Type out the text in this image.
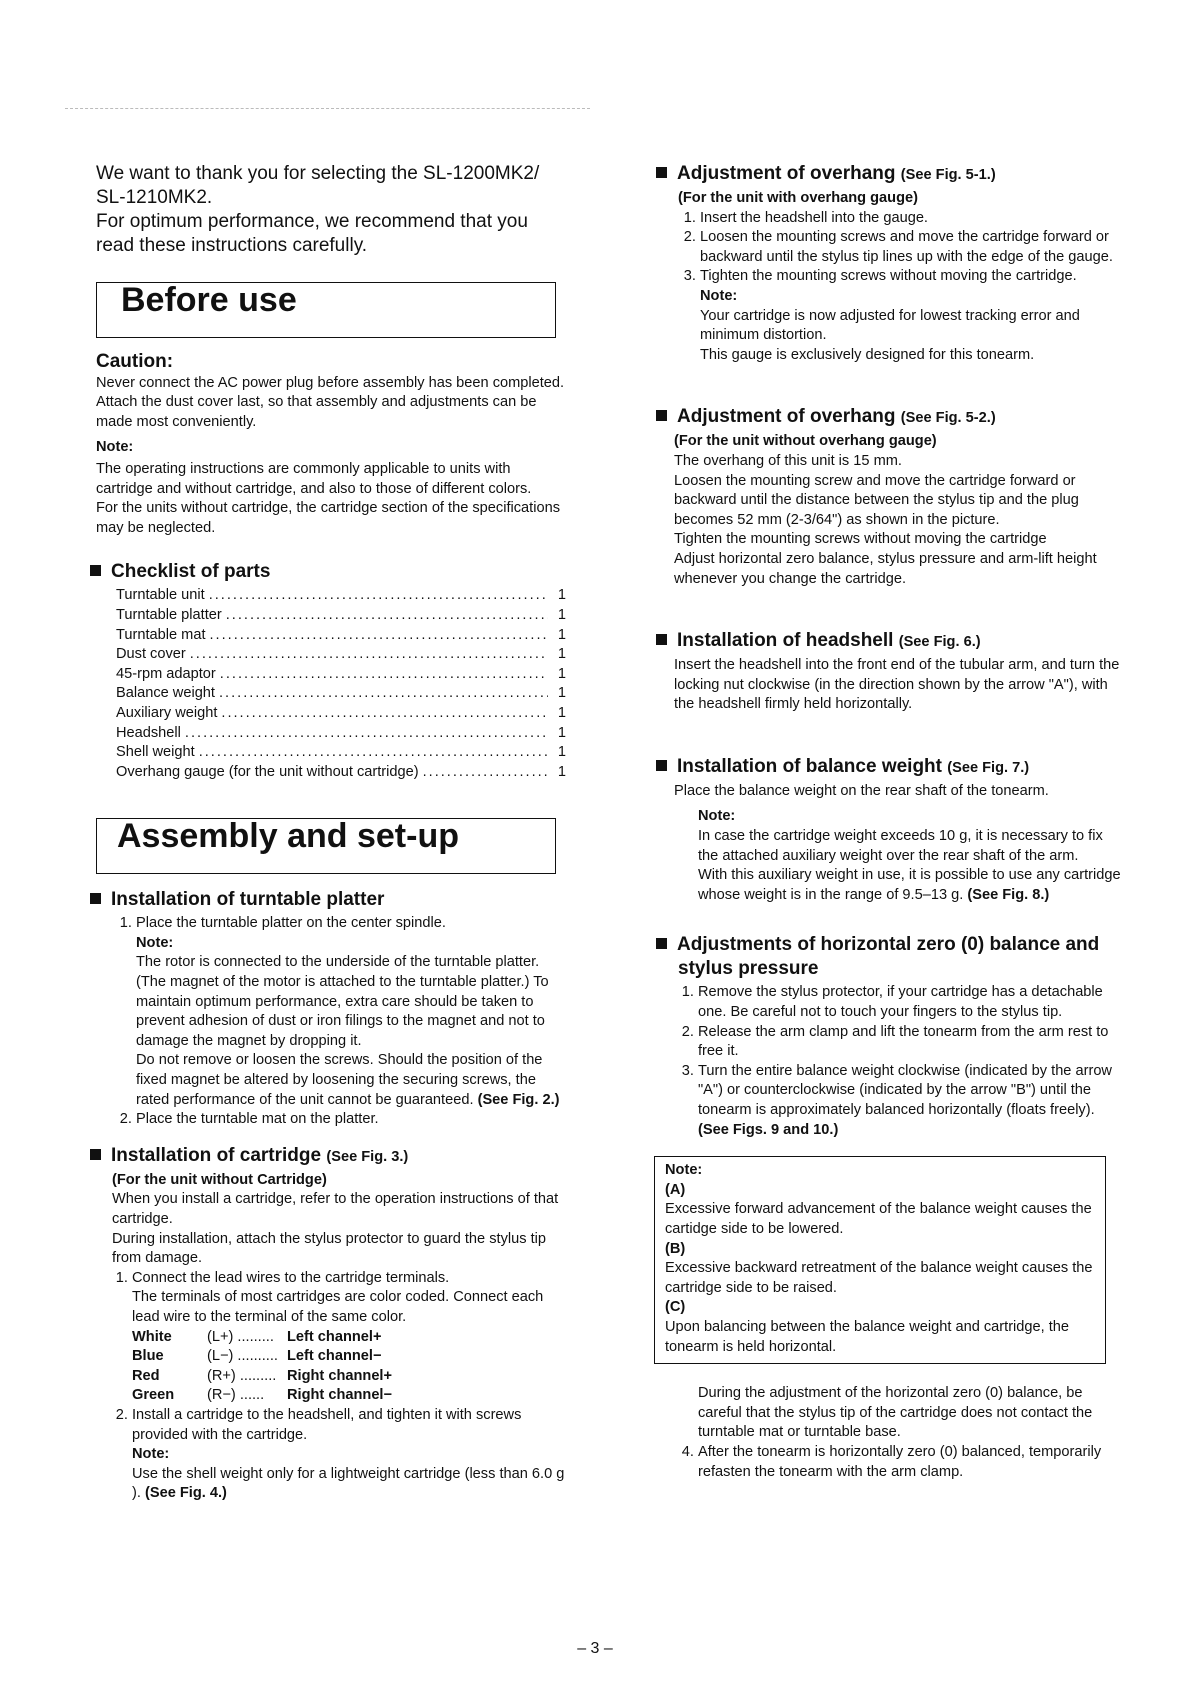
We want to thank you for selecting the SL-1200MK2/

SL-1210MK2.

For optimum performance, we recommend that you

read these instructions carefully.

Before use
Caution:

Never connect the AC power plug before assembly has been completed.

Attach the dust cover last, so that assembly and adjustments can be made most conveniently.

Note:

The operating instructions are commonly applicable to units with cartridge and without cartridge, and also to those of different colors.

For the units without cartridge, the cartridge section of the specifications may be neglected.

Checklist of parts
Turntable unit .....	1
Turntable platter .....	1
Turntable mat .....	1
Dust cover .....	1
45-rpm adaptor .....	1
Balance weight .....	1
Auxiliary weight .....	1
Headshell .....	1
Shell weight .....	1
Overhang gauge (for the unit without cartridge) .....	1
Assembly and set-up
Installation of turntable platter
1. Place the turntable platter on the center spindle.
Note:

The rotor is connected to the underside of the turntable platter. (The magnet of the motor is attached to the turntable platter.) To maintain optimum performance, extra care should be taken to prevent adhesion of dust or iron filings to the magnet and not to damage the magnet by dropping it.

Do not remove or loosen the screws. Should the position of the fixed magnet be altered by loosening the securing screws, the rated performance of the unit cannot be guaranteed. (See Fig. 2.)

2. Place the turntable mat on the platter.
Installation of cartridge (See Fig. 3.)
(For the unit without Cartridge)

When you install a cartridge, refer to the operation instructions of that cartridge.

During installation, attach the stylus protector to guard the stylus tip from damage.

1. Connect the lead wires to the cartridge terminals.

The terminals of most cartridges are color coded. Connect each lead wire to the terminal of the same color.

White	(L+) ......... Left channel+
Blue	(L−) .......... Left channel−
Red	(R+) ......... Right channel+
Green	(R−) ......	Right channel−
2. Install a cartridge to the headshell, and tighten it with screws provided with the cartridge.
Note:

Use the shell weight only for a lightweight cartridge (less than 6.0 g ). (See Fig. 4.)

Adjustment of overhang (See Fig. 5-1.)
(For the unit with overhang gauge)
1. Insert the headshell into the gauge.
2. Loosen the mounting screws and move the cartridge forward or backward until the stylus tip lines up with the edge of the gauge.
3. Tighten the mounting screws without moving the cartridge.
Note:

Your cartridge is now adjusted for lowest tracking error and minimum distortion.

This gauge is exclusively designed for this tonearm.

Adjustment of overhang (See Fig. 5-2.)
(For the unit without overhang gauge)

The overhang of this unit is 15 mm.

Loosen the mounting screw and move the cartridge forward or backward until the distance between the stylus tip and the plug becomes 52 mm (2-3/64") as shown in the picture.

Tighten the mounting screws without moving the cartridge

Adjust horizontal zero balance, stylus pressure and arm-lift height whenever you change the cartridge.

Installation of headshell (See Fig. 6.)

Insert the headshell into the front end of the tubular arm, and turn the locking nut clockwise (in the direction shown by the arrow "A"), with the headshell firmly held horizontally.

Installation of balance weight (See Fig. 7.)

Place the balance weight on the rear shaft of the tonearm.

Note:

In case the cartridge weight exceeds 10 g, it is necessary to fix the attached auxiliary weight over the rear shaft of the arm.

With this auxiliary weight in use, it is possible to use any cartridge whose weight is in the range of 9.5–13 g. (See Fig. 8.)

Adjustments of horizontal zero (0) balance and stylus pressure
1. Remove the stylus protector, if your cartridge has a detachable one. Be careful not to touch your fingers to the stylus tip.
2. Release the arm clamp and lift the tonearm from the arm rest to free it.
3. Turn the entire balance weight clockwise (indicated by the arrow "A") or counterclockwise (indicated by the arrow "B") until the tonearm is approximately balanced horizontally (floats freely). (See Figs. 9 and 10.)
Note:
(A)

Excessive forward advancement of the balance weight causes the cartidge side to be lowered.

(B)

Excessive backward retreatment of the balance weight causes the cartridge side to be raised.

(C)

Upon balancing between the balance weight and cartridge, the tonearm is held horizontal.

During the adjustment of the horizontal zero (0) balance, be careful that the stylus tip of the cartridge does not contact the turntable mat or turntable base.

4. After the tonearm is horizontally zero (0) balanced, temporarily refasten the tonearm with the arm clamp.
– 3 –
